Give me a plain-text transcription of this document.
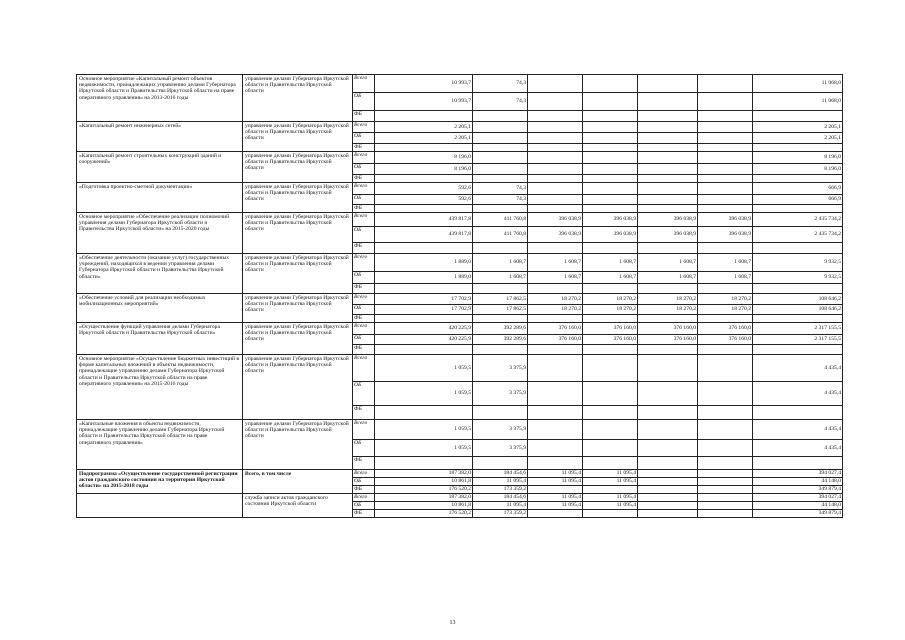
Основное мероприятие «Капитальный ремонт объектов недвижимости, принадлежащих управлению делами Губернатора Иркутской области и Правительства Иркутской области на праве оперативного управления» на 2013-2016 годы	управление делами Губернатора Иркутской области и Правительства Иркутской области	Всего	10 993,7	74,3					11 068,0
		ОБ	10 993,7	74,3					11 068,0
		ФБ							
«Капитальный ремонт инженерных сетей»	управление делами Губернатора Иркутской области и Правительства Иркутской области	Всего	2 205,1						2 205,1
		ОБ	2 205,1						2 205,1
		ФБ							
«Капитальный ремонт строительных конструкций зданий и сооружений»	управление делами Губернатора Иркутской области и Правительства Иркутской области	Всего	8 196,0						8 196,0
		ОБ	8 196,0						8 196,0
		ФБ							
«Подготовка проектно-сметной документации»	управление делами Губернатора Иркутской области и Правительства Иркутской области	Всего	592,6	74,3					666,9
		ОБ	592,6	74,3					666,9
		ФБ							
Основное мероприятие «Обеспечение реализации полномочий управления делами Губернатора Иркутской области и Правительства Иркутской области» на 2015-2020 годы	управление делами Губернатора Иркутской области и Правительства Иркутской области	Всего	439 817,8	411 760,8	396 038,9	396 038,9	396 038,9	396 038,9	2 435 734,2
		ОБ	439 817,8	411 760,8	396 038,9	396 038,9	396 038,9	396 038,9	2 435 734,2
		ФБ							
«Обеспечение деятельности (оказание услуг) государственных учреждений, находящихся в ведении управления делами Губернатора Иркутской области и Правительства Иркутской области»	управление делами Губернатора Иркутской области и Правительства Иркутской области	Всего	1 889,0	1 608,7	1 608,7	1 608,7	1 608,7	1 608,7	9 932,5
		ОБ	1 889,0	1 608,7	1 608,7	1 608,7	1 608,7	1 608,7	9 932,5
		ФБ							
«Обеспечение условий для реализации необходимых мобилизационных мероприятий»	управление делами Губернатора Иркутской области и Правительства Иркутской области	Всего	17 702,9	17 862,5	18 270,2	18 270,2	18 270,2	18 270,2	108 646,2
		ОБ	17 702,9	17 862,5	18 270,2	18 270,2	18 270,2	18 270,2	108 646,2
		ФБ							
«Осуществление функций управления делами Губернатора Иркутской области и Правительства Иркутской области»	управление делами Губернатора Иркутской области и Правительства Иркутской области	Всего	420 225,9	392 289,6	376 160,0	376 160,0	376 160,0	376 160,0	2 317 155,5
		ОБ	420 225,9	392 289,6	376 160,0	376 160,0	376 160,0	376 160,0	2 317 155,5
		ФБ							
Основное мероприятие «Осуществление бюджетных инвестиций в форме капитальных вложений в объекты недвижимости, принадлежащие управлению делами Губернатора Иркутской области и Правительства Иркутской области на праве оперативного управления» на 2015-2016 годы	управление делами Губернатора Иркутской области и Правительства Иркутской области	Всего	1 059,5	3 375,9					4 435,4
		ОБ	1 059,5	3 375,9					4 435,4
		ФБ							
«Капитальные вложения в объекты недвижимости, принадлежащие управлению делами Губернатора Иркутской области и Правительства Иркутской области на праве оперативного управления»	управление делами Губернатора Иркутской области и Правительства Иркутской области	Всего	1 059,5	3 375,9					4 435,4
		ОБ	1 059,5	3 375,9					4 435,4
		ФБ							
Подпрограмма «Осуществление государственной регистрации актов гражданского состояния на территории Иркутской области» на 2015-2018 годы	Всего, в том числе	Всего	187 382,0	184 454,6	11 095,4	11 095,4			394 027,4
		ОБ	10 861,8	11 095,4	11 095,4	11 095,4			44 148,0
		ФБ	176 520,2	173 359,2					349 879,4
	служба записи актов гражданского состояния Иркутской области	Всего	187 382,0	184 454,6	11 095,4	11 095,4			394 027,4
		ОБ	10 861,8	11 095,4	11 095,4	11 095,4			44 148,0
		ФБ	176 520,2	173 359,2					349 879,4
13
